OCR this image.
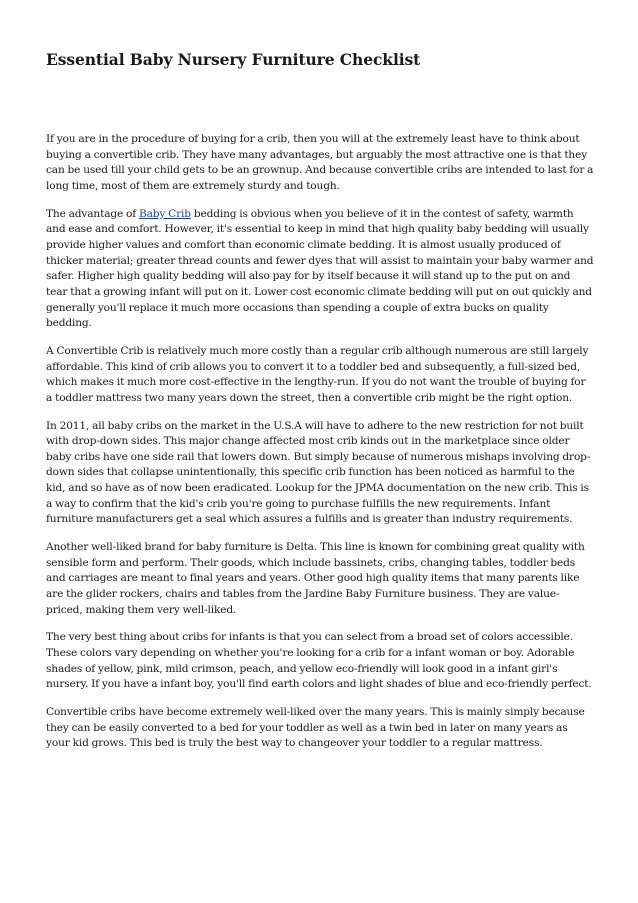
Essential Baby Nursery Furniture Checklist

If you are in the procedure of buying for a crib, then you will at the extremely least have to think about buying a convertible crib. They have many advantages, but arguably the most attractive one is that they can be used till your child gets to be an grownup. And because convertible cribs are intended to last for a long time, most of them are extremely sturdy and tough.

The advantage of Baby Crib bedding is obvious when you believe of it in the contest of safety, warmth and ease and comfort. However, it's essential to keep in mind that high quality baby bedding will usually provide higher values and comfort than economic climate bedding. It is almost usually produced of thicker material; greater thread counts and fewer dyes that will assist to maintain your baby warmer and safer. Higher high quality bedding will also pay for by itself because it will stand up to the put on and tear that a growing infant will put on it. Lower cost economic climate bedding will put on out quickly and generally you'll replace it much more occasions than spending a couple of extra bucks on quality bedding.

A Convertible Crib is relatively much more costly than a regular crib although numerous are still largely affordable. This kind of crib allows you to convert it to a toddler bed and subsequently, a full-sized bed, which makes it much more cost-effective in the lengthy-run. If you do not want the trouble of buying for a toddler mattress two many years down the street, then a convertible crib might be the right option.

In 2011, all baby cribs on the market in the U.S.A will have to adhere to the new restriction for not built with drop-down sides. This major change affected most crib kinds out in the marketplace since older baby cribs have one side rail that lowers down. But simply because of numerous mishaps involving drop-down sides that collapse unintentionally, this specific crib function has been noticed as harmful to the kid, and so have as of now been eradicated. Lookup for the JPMA documentation on the new crib. This is a way to confirm that the kid's crib you're going to purchase fulfills the new requirements. Infant furniture manufacturers get a seal which assures a fulfills and is greater than industry requirements.

Another well-liked brand for baby furniture is Delta. This line is known for combining great quality with sensible form and perform. Their goods, which include bassinets, cribs, changing tables, toddler beds and carriages are meant to final years and years. Other good high quality items that many parents like are the glider rockers, chairs and tables from the Jardine Baby Furniture business. They are value-priced, making them very well-liked.

The very best thing about cribs for infants is that you can select from a broad set of colors accessible. These colors vary depending on whether you're looking for a crib for a infant woman or boy. Adorable shades of yellow, pink, mild crimson, peach, and yellow eco-friendly will look good in a infant girl's nursery. If you have a infant boy, you'll find earth colors and light shades of blue and eco-friendly perfect.

Convertible cribs have become extremely well-liked over the many years. This is mainly simply because they can be easily converted to a bed for your toddler as well as a twin bed in later on many years as your kid grows. This bed is truly the best way to changeover your toddler to a regular mattress.
